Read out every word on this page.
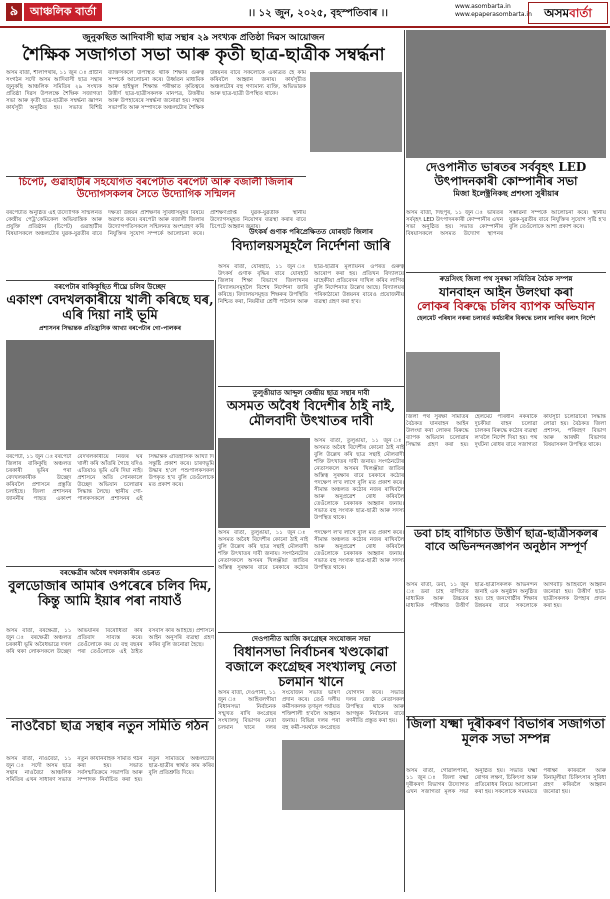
৯	আঞ্চলিক বাৰ্তা	।। ১২ জুন, ২০২৫, বৃহস্পতিবাৰ ।।
www.asombarta.in
www.epaperasombarta.in	অসমবাৰ্তা
জুনুকছিত আদিবাসী ছাত্ৰ সন্থাৰ ২৯ সংখ্যক প্ৰতিষ্ঠা দিৱস আয়োজন
শৈক্ষিক সজাগতা সভা আৰু কৃতী ছাত্ৰ-ছাত্ৰীক সম্বৰ্দ্ধনা
অসম বাৰ্তা, শীলাপথাৰ, ১১ জুন ঃ প্ৰাচীন সংগঠন সদৌ অসম আদিবাসী ছাত্ৰ সন্থাৰ জুনুকছি আঞ্চলিক সমিতিৰ ২৯ সংখ্যক প্ৰতিষ্ঠা দিৱস উপলক্ষে শৈক্ষিক সজাগতা সভা আৰু কৃতী ছাত্ৰ-ছাত্ৰীক সম্বৰ্দ্ধনা জ্ঞাপন কাৰ্যসূচী অনুষ্ঠিত হয়। সভাত বিশিষ্ট ব্যক্তিসকলে উপস্থিত থাকি শিক্ষাৰ গুৰুত্ব সম্পৰ্কে আলোচনা কৰে। উৰ্ধ্বতন মাধ্যমিক আৰু হাইস্কুল শিক্ষান্ত পৰীক্ষাত কৃতিত্বৰে উত্তীৰ্ণ ছাত্ৰ-ছাত্ৰীসকলক মানপত্ৰ, উত্তৰীয় আৰু উপহাৰেৰে সম্বৰ্দ্ধনা জনোৱা হয়। সন্থাৰ সভাপতি আৰু সম্পাদকে অঞ্চলটোৰ শৈক্ষিক উন্নয়নৰ বাবে সকলোকে একত্ৰিত হৈ কাম কৰিবলৈ আহ্বান জনায়। কাৰ্যসূচীত অঞ্চলটোৰ বহু গণ্যমান্য ব্যক্তি, অভিভাৱক আৰু ছাত্ৰ-ছাত্ৰী উপস্থিত থাকে।
দেওপানীত ভাৰতৰ সৰ্ববৃহৎ LED উৎপাদনকাৰী কোম্পানীৰ সভা
মিজা ইলেক্ট্ৰনিকছ প্ৰশংসা সুৰীয়াৰ
অসম বাৰ্তা, দিছপুৰ, ১১ জুন ঃ ভাৰতৰ সৰ্ববৃহৎ LED উৎপাদনকাৰী কোম্পানীৰ এখন সভা অনুষ্ঠিত হয়। সভাত কোম্পানীৰ বিষয়াসকলে অসমত উদ্যোগ স্থাপনৰ সম্ভাৱনা সম্পৰ্কে আলোচনা কৰে। স্থানীয় যুৱক-যুৱতীৰ বাবে নিযুক্তিৰ সুযোগ সৃষ্টি হ'ব বুলি তেওঁলোকে আশা প্ৰকাশ কৰে।
চিপেট, গুৱাহাটীৰ সহযোগত বৰপেটাত বৰপেটা আৰু বজালী জিলাৰ উদ্যোগসকলৰ সৈতে উদ্যোগিক সন্মিলন
বৰপেটাত অনুষ্ঠিত এই উদ্যোগিক সন্মিলনত কেন্দ্ৰীয় পেট্ৰ'কেমিকেল অভিযান্ত্ৰিক আৰু প্ৰযুক্তি প্ৰতিষ্ঠান (চিপেট) গুৱাহাটীৰ বিষয়াসকলে অঞ্চলটোৰ যুৱক-যুৱতীৰ বাবে দক্ষতা উন্নয়ন প্ৰশিক্ষণৰ সুবিধাসমূহৰ বিষয়ে অৱগত কৰে। বৰপেটা আৰু বজালী জিলাৰ উদ্যোগপতিসকলে সন্মিলনত অংশগ্ৰহণ কৰি নিযুক্তিৰ সুযোগ সম্পৰ্কে আলোচনা কৰে। প্ৰশিক্ষণপ্ৰাপ্ত যুৱক-যুৱতীক স্থানীয় উদ্যোগসমূহত নিয়োগৰ ব্যৱস্থা কৰাৰ বাবে চিপেটে আহ্বান জনায়।
উৎকৰ্ষ গুণাক পৰিপ্ৰেক্ষিতত যোৰহাট জিলাৰ
বিদ্যালয়সমূহলৈ নিৰ্দেশনা জাৰি
অসম বাৰ্তা, যোৰহাট, ১১ জুন ঃ উৎকৰ্ষ গুণাক বৃদ্ধিৰ বাবে যোৰহাট জিলাৰ শিক্ষা বিভাগে জিলাখনৰ বিদ্যালয়সমূহলৈ বিশেষ নিৰ্দেশনা জাৰি কৰিছে। বিদ্যালয়সমূহত শিক্ষকৰ উপস্থিতি নিশ্চিত কৰা, নিয়মীয়া শ্ৰেণী পাঠদান আৰু ছাত্ৰ-ছাত্ৰীৰ মূল্যায়নৰ ওপৰত গুৰুত্ব আৰোপ কৰা হয়। প্ৰতিখন বিদ্যালয়ে মাহেকীয়া প্ৰতিবেদন দাখিল কৰিব লাগিব বুলি নিৰ্দেশনাত উল্লেখ আছে। বিদ্যালয়ৰ পৰিকাঠামো উন্নয়নৰ বাবেও প্ৰয়োজনীয় ব্যৱস্থা গ্ৰহণ কৰা হ'ব।
বৰপেটাৰ বাকিকুছিত শীঘ্ৰে চলিব উচ্ছেদ
একাংশ বেদখলকাৰীয়ে খালী কৰিছে ঘৰ, এৰি দিয়া নাই ভূমি
প্ৰশাসনৰ সিদ্ধান্তক প্ৰতিহ্ৰাসিক আখ্যা বৰপেটাৰ গো-পালকৰ
বৰপেটা, ১১ জুন ঃ বৰপেটা জিলাৰ বাকিকুছি অঞ্চলত চৰকাৰী ভূমিৰ পৰা বেদখলকাৰীক উচ্ছেদ কৰিবলৈ প্ৰশাসনে প্ৰস্তুতি চলাইছে। জিলা প্ৰশাসনৰ জাননীৰ পাছত একাংশ বেদখলকাৰীয়ে নিজৰ ঘৰ খালী কৰি আঁতৰি গৈছে যদিও এতিয়াও ভূমি এৰি দিয়া নাই। প্ৰশাসনে অতি সোনকালে উচ্ছেদ অভিযান চলোৱাৰ সিদ্ধান্ত লৈছে। স্থানীয় গো-পালকসকলে প্ৰশাসনৰ এই সিদ্ধান্তক ঐতিহাসিক আখ্যা দি সন্তুষ্টি প্ৰকাশ কৰে। চাৰণভূমি উদ্ধাৰ হ'লে পশুপালকসকল উপকৃত হ'ব বুলি তেওঁলোকে মত প্ৰকাশ কৰে।
ৰুদ্ৰসিংহ জিলা পথ সুৰক্ষা সমিতিৰ বৈঠক সম্পন্ন
যানবাহন আইন উলংঘা কৰা
লোকৰ বিৰুদ্ধে চলিব ব্যাপক অভিযান
হেলমেট পৰিধান নকৰা চলাবৰ্ত কৰ্মচাৰীৰ বিৰুদ্ধে চলাব লাগিব বলাৎ নিৰ্দেশ
জিলা পথ সুৰক্ষা সমিতিৰ বৈঠকত যানবাহন আইন উলংঘা কৰা লোকৰ বিৰুদ্ধে ব্যাপক অভিযান চলোৱাৰ সিদ্ধান্ত গ্ৰহণ কৰা হয়। হেলমেট পৰিধান নকৰাকৈ দুচকীয়া বাহন চলোৱা চালকৰ বিৰুদ্ধে কঠোৰ ব্যৱস্থা ল'বলৈ নিৰ্দেশ দিয়া হয়। পথ দুৰ্ঘটনা ৰোধৰ বাবে সজাগতা কাৰ্যসূচী চলোৱাৰো সিদ্ধান্ত লোৱা হয়। বৈঠকত জিলা প্ৰশাসন, পৰিবহণ বিভাগ আৰু আৰক্ষী বিভাগৰ বিষয়াসকল উপস্থিত থাকে।
তুলুঙীয়াত আব্দুল কেন্দ্ৰীয় ছাত্ৰ সন্থাৰ দাবী
অসমত অবৈধ বিদেশীৰ ঠাই নাই, মৌলবাদী উৎখাতৰ দাবী
অসম বাৰ্তা, তুলুঙীয়া, ১১ জুন ঃ অসমত অবৈধ বিদেশীৰ কোনো ঠাই নাই বুলি উল্লেখ কৰি ছাত্ৰ সন্থাই মৌলবাদী শক্তি উৎখাতৰ দাবী জনায়। সংগঠনটোৰ নেতাসকলে অসমৰ খিলঞ্জীয়া জাতিৰ অস্তিত্ব সুৰক্ষাৰ বাবে চৰকাৰে কঠোৰ পদক্ষেপ ল'ব লাগে বুলি মত প্ৰকাশ কৰে। সীমান্ত অঞ্চলত কঠোৰ নজৰ ৰাখিবলৈ আৰু অনুপ্ৰৱেশ ৰোধ কৰিবলৈ তেওঁলোকে চৰকাৰক আহ্বান জনায়। সভাত বহু সংখ্যক ছাত্ৰ-ছাত্ৰী আৰু সদস্য উপস্থিত থাকে।
অসম বাৰ্তা, তুলুঙীয়া, ১১ জুন ঃ অসমত অবৈধ বিদেশীৰ কোনো ঠাই নাই বুলি উল্লেখ কৰি ছাত্ৰ সন্থাই মৌলবাদী শক্তি উৎখাতৰ দাবী জনায়। সংগঠনটোৰ নেতাসকলে অসমৰ খিলঞ্জীয়া জাতিৰ অস্তিত্ব সুৰক্ষাৰ বাবে চৰকাৰে কঠোৰ পদক্ষেপ ল'ব লাগে বুলি মত প্ৰকাশ কৰে। সীমান্ত অঞ্চলত কঠোৰ নজৰ ৰাখিবলৈ আৰু অনুপ্ৰৱেশ ৰোধ কৰিবলৈ তেওঁলোকে চৰকাৰক আহ্বান জনায়। সভাত বহু সংখ্যক ছাত্ৰ-ছাত্ৰী আৰু সদস্য উপস্থিত থাকে।
ডবা চাহ বাগিচাত উত্তীৰ্ণ ছাত্ৰ-ছাত্ৰীসকলৰ বাবে অভিনন্দনজ্ঞাপন অনুষ্ঠান সম্পূৰ্ণ
অসম বাৰ্তা, ডবা, ১১ জুন ঃ ডবা চাহ বাগিচাত মাধ্যমিক আৰু উচ্চতৰ মাধ্যমিক পৰীক্ষাত উত্তীৰ্ণ ছাত্ৰ-ছাত্ৰীসকলক অভিনন্দন জনাই এক অনুষ্ঠান অনুষ্ঠিত হয়। চাহ জনগোষ্ঠীৰ শিক্ষাৰ উন্নয়নৰ বাবে সকলোকে আগবাঢ়ি আহিবলৈ আহ্বান জনোৱা হয়। উত্তীৰ্ণ ছাত্ৰ-ছাত্ৰীসকলক উপহাৰ প্ৰদান কৰা হয়।
বৰক্ষেত্ৰীৰ অবৈধ দখলকাৰীৰ ওচৰত
বুলডোজাৰ আমাৰ ওপৰেৰে চলিব দিম, কিন্তু আমি ইয়াৰ পৰা নাযাওঁ
অসম বাৰ্তা, বৰক্ষেত্ৰী, ১১ জুন ঃ বৰক্ষেত্ৰী অঞ্চলত চৰকাৰী ভূমি অবৈধভাৱে দখল কৰি থকা লোকসকলে উচ্ছেদ অভিযানৰ বিৰোধিতা কৰি প্ৰতিবাদ সাব্যস্ত কৰে। তেওঁলোকে কয় যে বহু বছৰৰ পৰা তেওঁলোকে এই ঠাইত বসবাস কৰি আহিছে। প্ৰশাসনে আইন অনুসৰি ব্যৱস্থা গ্ৰহণ কৰিব বুলি জনোৱা হৈছে।
দেওপানীত আজি কংগ্ৰেছৰ সংযোজন সভা
বিধানসভা নিৰ্বাচনৰ খণ্ডকোৱা বজালে কংগ্ৰেছৰ সংখ্যালঘু নেতা চলমান খানে
অসম বাৰ্তা, দেওপানী, ১১ জুন ঃ আহিবলগীয়া বিধানসভা নিৰ্বাচনক সন্মুখত ৰাখি কংগ্ৰেছৰ সংখ্যালঘু বিভাগৰ নেতা চলমান খানে দলৰ সংযোজন সভাত ভাষণ প্ৰদান কৰে। তেওঁ দলীয় কৰ্মীসকলক তৃণমূল পৰ্যায়ত শক্তিশালী হ'বলৈ আহ্বান জনায়। বিভিন্ন দলৰ পৰা বহু কৰ্মী-সমৰ্থকে কংগ্ৰেছত যোগদান কৰে। সভাত দলৰ জ্যেষ্ঠ নেতাসকল উপস্থিত থাকে আৰু আগন্তুক নিৰ্বাচনৰ বাবে ৰণনীতি প্ৰস্তুত কৰা হয়। জিলা যক্ষ্মা দূৰীকৰণ বিভাগৰ সজাগতা মূলক সভা সম্পন্ন
অসম বাৰ্তা, গোৱালপাৰা, ১১ জুন ঃ জিলা যক্ষ্মা দূৰীকৰণ বিভাগৰ উদ্যোগত এখন সজাগতা মূলক সভা অনুষ্ঠিত হয়। সভাত যক্ষ্মা ৰোগৰ লক্ষণ, চিকিৎসা আৰু প্ৰতিৰোধৰ বিষয়ে আলোচনা কৰা হয়। সকলোকে সময়মতে পৰীক্ষা কৰিবলৈ আৰু বিনামূলীয়া চিকিৎসাৰ সুবিধা গ্ৰহণ কৰিবলৈ আহ্বান জনোৱা হয়।
নাওবৈচা ছাত্ৰ সন্থাৰ নতুন সমিতি গঠন
অসম বাৰ্তা, নাওবৈচা, ১১ জুন ঃ সদৌ অসম ছাত্ৰ সন্থাৰ নাওবৈচা আঞ্চলিক সমিতিৰ এখন সাধাৰণ সভাত নতুন কাৰ্যনিৰ্বাহক সমিতি গঠন কৰা হয়। সভাত সৰ্বসন্মতিক্ৰমে সভাপতি আৰু সম্পাদক নিৰ্বাচিত কৰা হয়। নতুন সমিতিয়ে অঞ্চলটোৰ ছাত্ৰ-ছাত্ৰীৰ স্বাৰ্থত কাম কৰিব বুলি প্ৰতিশ্ৰুতি দিয়ে।
